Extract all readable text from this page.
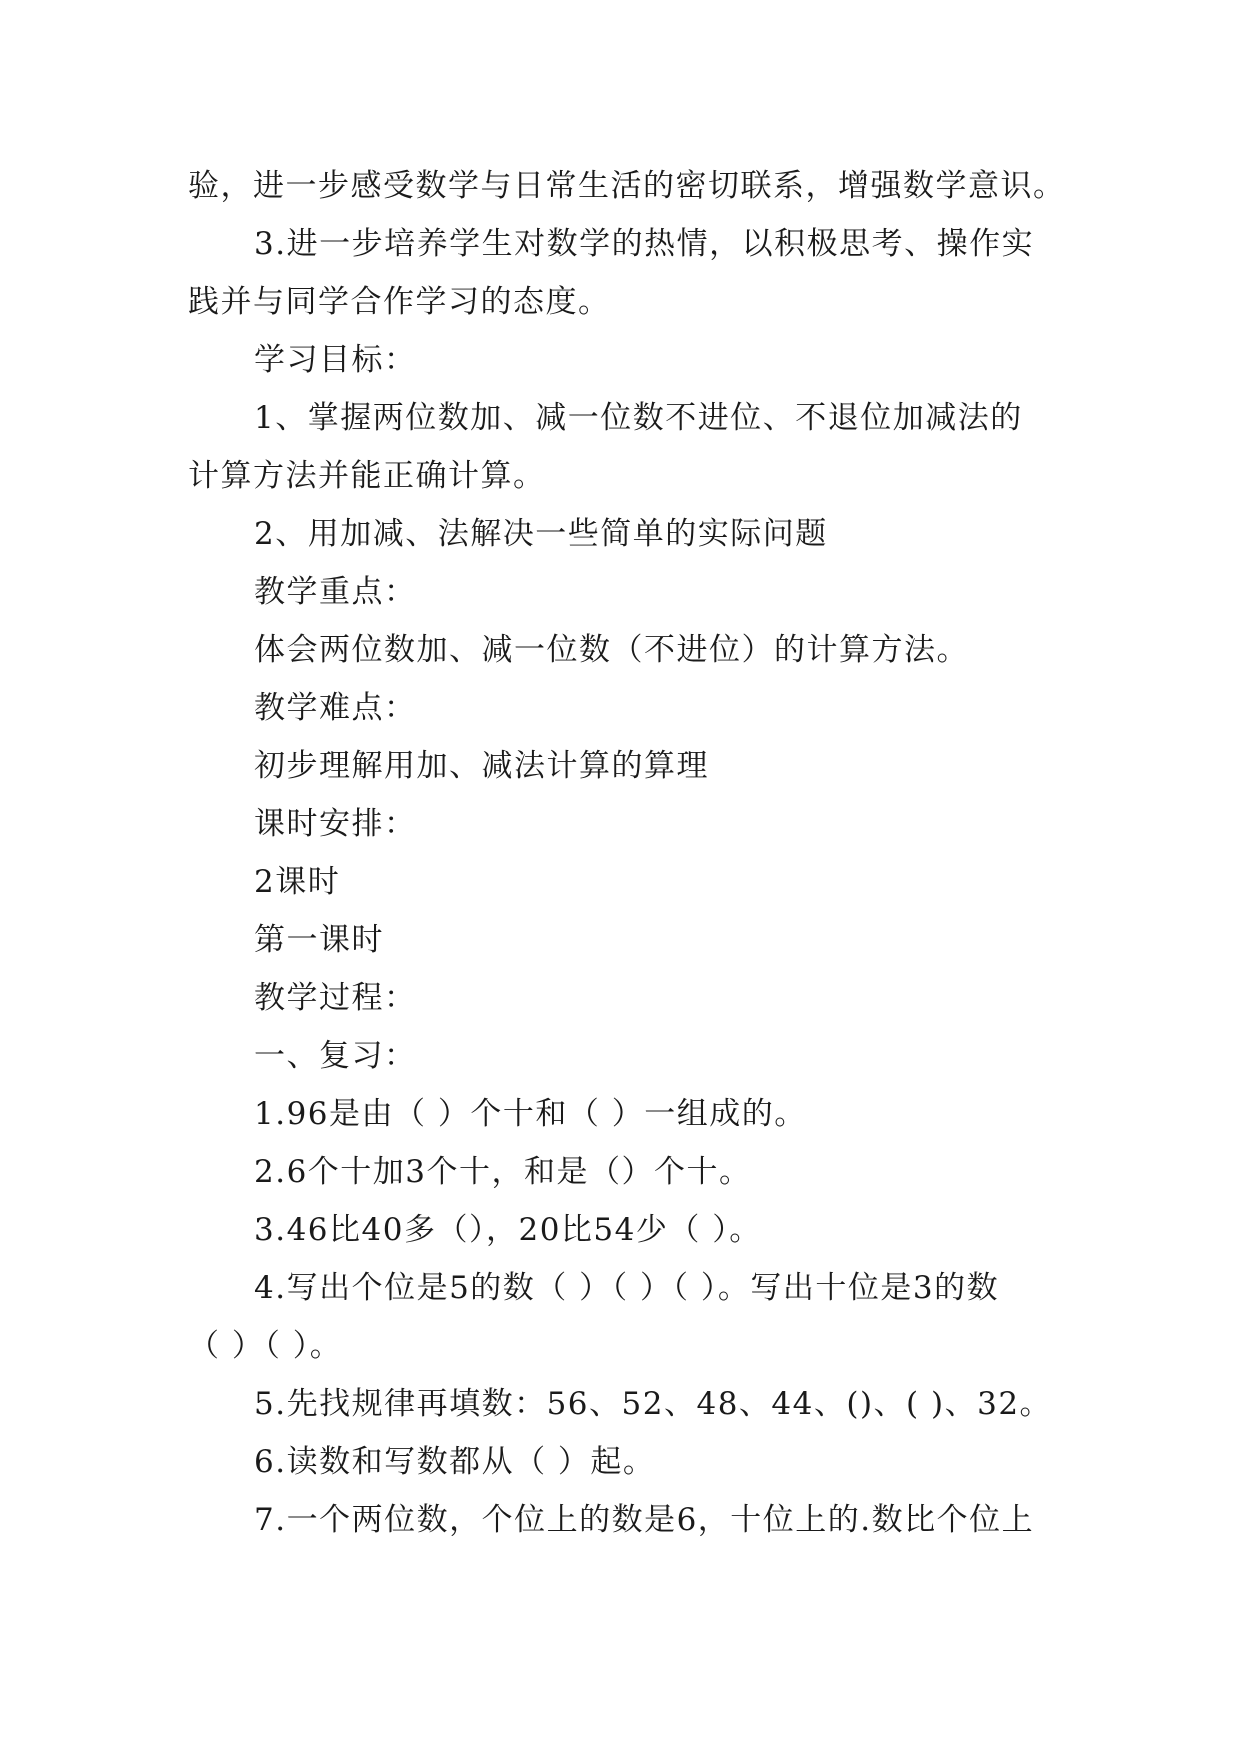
验，进一步感受数学与日常生活的密切联系，增强数学意识。
3.进一步培养学生对数学的热情，以积极思考、操作实
践并与同学合作学习的态度。
学习目标：
1、掌握两位数加、减一位数不进位、不退位加减法的
计算方法并能正确计算。
2、用加减、法解决一些简单的实际问题
教学重点：
体会两位数加、减一位数（不进位）的计算方法。
教学难点：
初步理解用加、减法计算的算理
课时安排：
2课时
第一课时
教学过程：
一、复习：
1.96是由（ ）个十和（ ）一组成的。
2.6个十加3个十，和是（）个十。
3.46比40多（），20比54少（ ）。
4.写出个位是5的数（ ）（ ）（ ）。写出十位是3的数
（ ）（ ）。
5.先找规律再填数：56、52、48、44、()、( )、32。
6.读数和写数都从（ ）起。
7.一个两位数，个位上的数是6，十位上的.数比个位上
